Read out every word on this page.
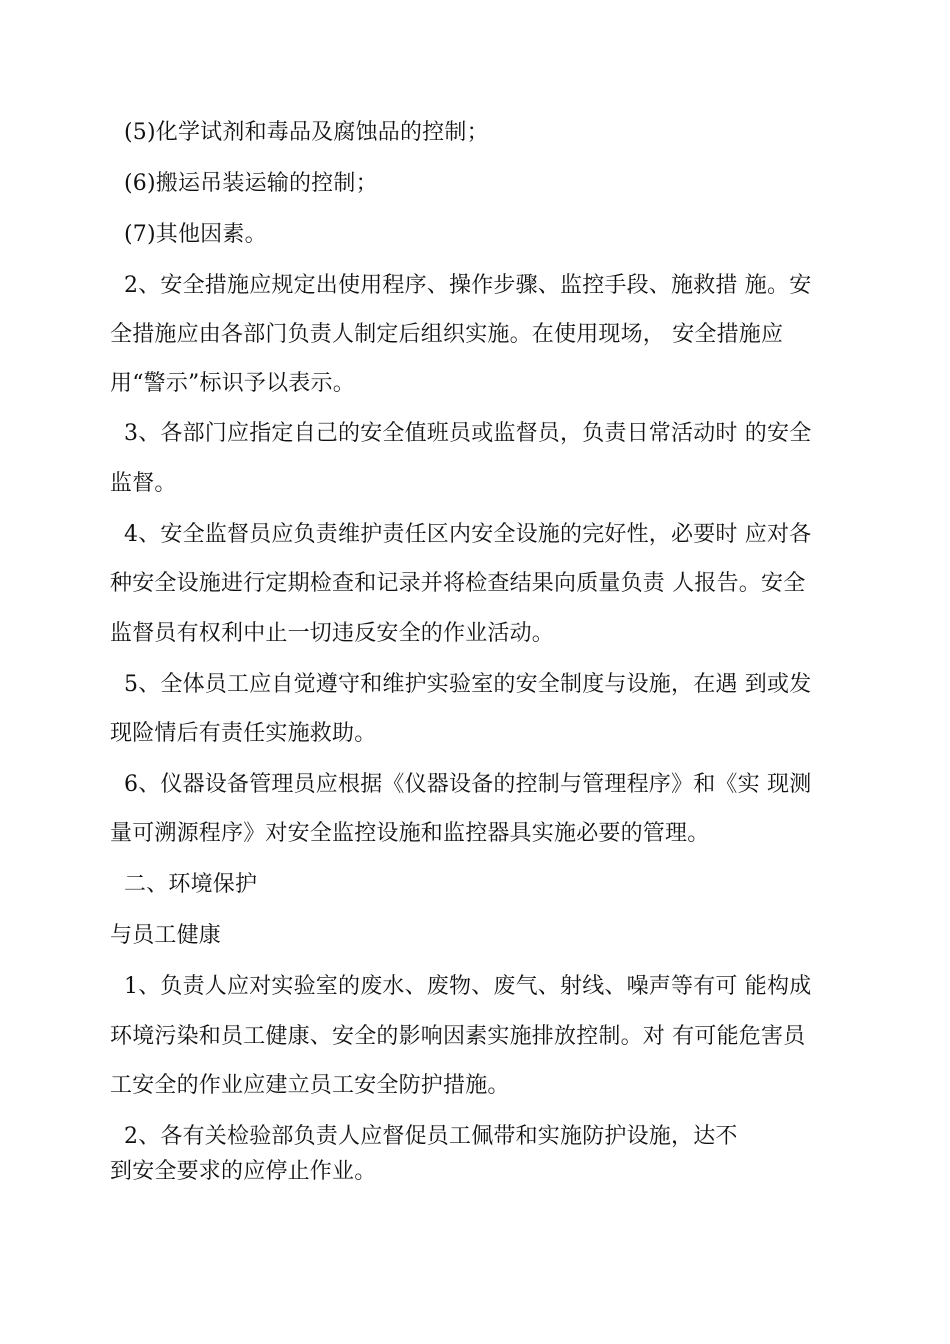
(5)化学试剂和毒品及腐蚀品的控制；
(6)搬运吊装运输的控制；
(7)其他因素。
2、安全措施应规定出使用程序、操作步骤、监控手段、施救措 施。安
全措施应由各部门负责人制定后组织实施。在使用现场， 安全措施应
用“警示”标识予以表示。
3、各部门应指定自己的安全值班员或监督员，负责日常活动时 的安全
监督。
4、安全监督员应负责维护责任区内安全设施的完好性，必要时 应对各
种安全设施进行定期检查和记录并将检查结果向质量负责 人报告。安全
监督员有权利中止一切违反安全的作业活动。
5、全体员工应自觉遵守和维护实验室的安全制度与设施，在遇 到或发
现险情后有责任实施救助。
6、仪器设备管理员应根据《仪器设备的控制与管理程序》和《实 现测
量可溯源程序》对安全监控设施和监控器具实施必要的管理。
二、环境保护
与员工健康
1、负责人应对实验室的废水、废物、废气、射线、噪声等有可 能构成
环境污染和员工健康、安全的影响因素实施排放控制。对 有可能危害员
工安全的作业应建立员工安全防护措施。
2、各有关检验部负责人应督促员工佩带和实施防护设施，达不
到安全要求的应停止作业。
